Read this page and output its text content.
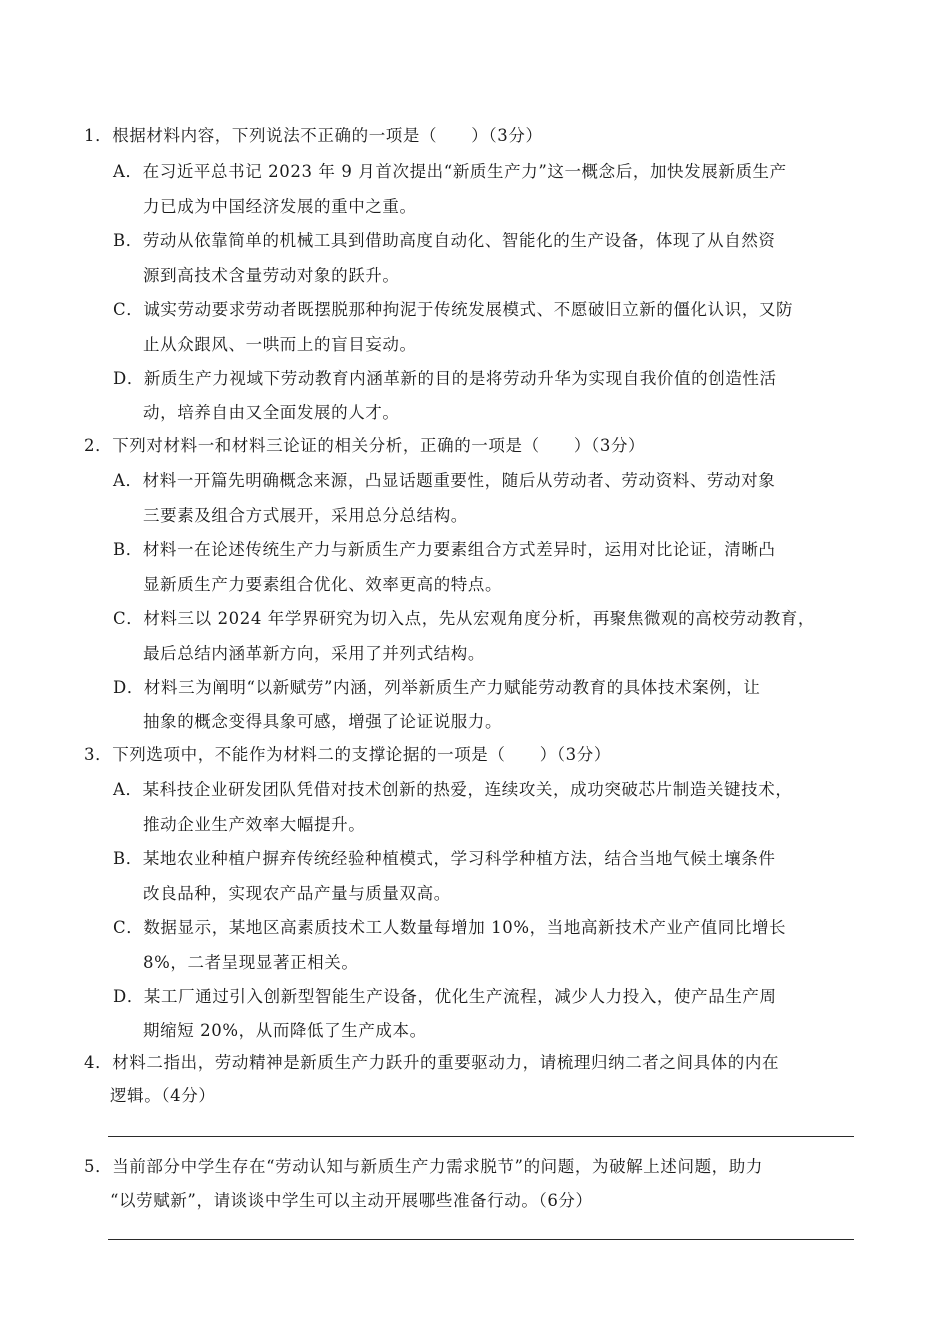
1．根据材料内容，下列说法不正确的一项是（　　）（3分）
A．在习近平总书记 2023 年 9 月首次提出“新质生产力”这一概念后，加快发展新质生产
力已成为中国经济发展的重中之重。
B．劳动从依靠简单的机械工具到借助高度自动化、智能化的生产设备，体现了从自然资
源到高技术含量劳动对象的跃升。
C．诚实劳动要求劳动者既摆脱那种拘泥于传统发展模式、不愿破旧立新的僵化认识，又防
止从众跟风、一哄而上的盲目妄动。
D．新质生产力视域下劳动教育内涵革新的目的是将劳动升华为实现自我价值的创造性活
动，培养自由又全面发展的人才。
2．下列对材料一和材料三论证的相关分析，正确的一项是（　　）（3分）
A．材料一开篇先明确概念来源，凸显话题重要性，随后从劳动者、劳动资料、劳动对象
三要素及组合方式展开，采用总分总结构。
B．材料一在论述传统生产力与新质生产力要素组合方式差异时，运用对比论证，清晰凸
显新质生产力要素组合优化、效率更高的特点。
C．材料三以 2024 年学界研究为切入点，先从宏观角度分析，再聚焦微观的高校劳动教育，
最后总结内涵革新方向，采用了并列式结构。
D．材料三为阐明“以新赋劳”内涵，列举新质生产力赋能劳动教育的具体技术案例，让
抽象的概念变得具象可感，增强了论证说服力。
3．下列选项中，不能作为材料二的支撑论据的一项是（　　）（3分）
A．某科技企业研发团队凭借对技术创新的热爱，连续攻关，成功突破芯片制造关键技术，
推动企业生产效率大幅提升。
B．某地农业种植户摒弃传统经验种植模式，学习科学种植方法，结合当地气候土壤条件
改良品种，实现农产品产量与质量双高。
C．数据显示，某地区高素质技术工人数量每增加 10%，当地高新技术产业产值同比增长
8%，二者呈现显著正相关。
D．某工厂通过引入创新型智能生产设备，优化生产流程，减少人力投入，使产品生产周
期缩短 20%，从而降低了生产成本。
4．材料二指出，劳动精神是新质生产力跃升的重要驱动力，请梳理归纳二者之间具体的内在
逻辑。（4分）
5．当前部分中学生存在“劳动认知与新质生产力需求脱节”的问题，为破解上述问题，助力
“以劳赋新”，请谈谈中学生可以主动开展哪些准备行动。（6分）
